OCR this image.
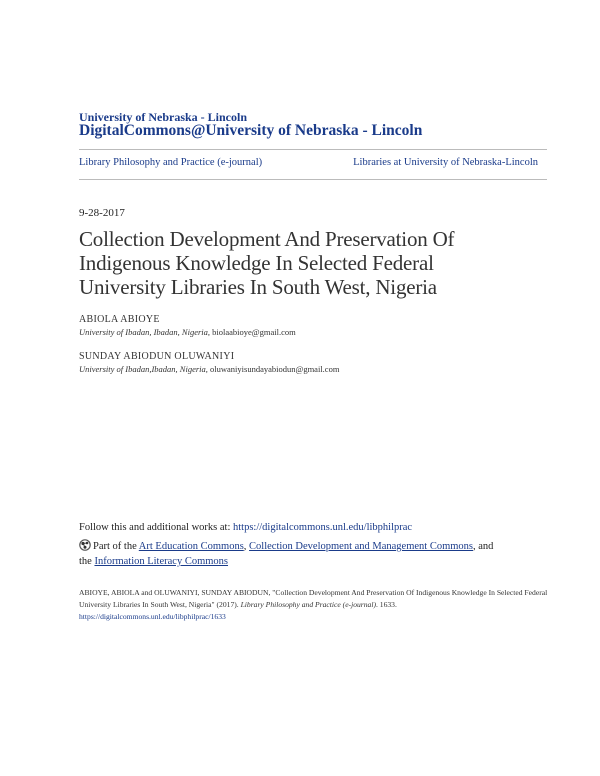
University of Nebraska - Lincoln
DigitalCommons@University of Nebraska - Lincoln
Library Philosophy and Practice (e-journal)	Libraries at University of Nebraska-Lincoln
9-28-2017
Collection Development And Preservation Of Indigenous Knowledge In Selected Federal University Libraries In South West, Nigeria
ABIOLA ABIOYE
University of Ibadan, Ibadan, Nigeria, biolaabioye@gmail.com
SUNDAY ABIODUN OLUWANIYI
University of Ibadan,Ibadan, Nigeria, oluwaniyisundayabiodun@gmail.com
Follow this and additional works at: https://digitalcommons.unl.edu/libphilprac
Part of the Art Education Commons, Collection Development and Management Commons, and
the Information Literacy Commons
ABIOYE, ABIOLA and OLUWANIYI, SUNDAY ABIODUN, "Collection Development And Preservation Of Indigenous Knowledge In Selected Federal University Libraries In South West, Nigeria" (2017). Library Philosophy and Practice (e-journal). 1633.
https://digitalcommons.unl.edu/libphilprac/1633
